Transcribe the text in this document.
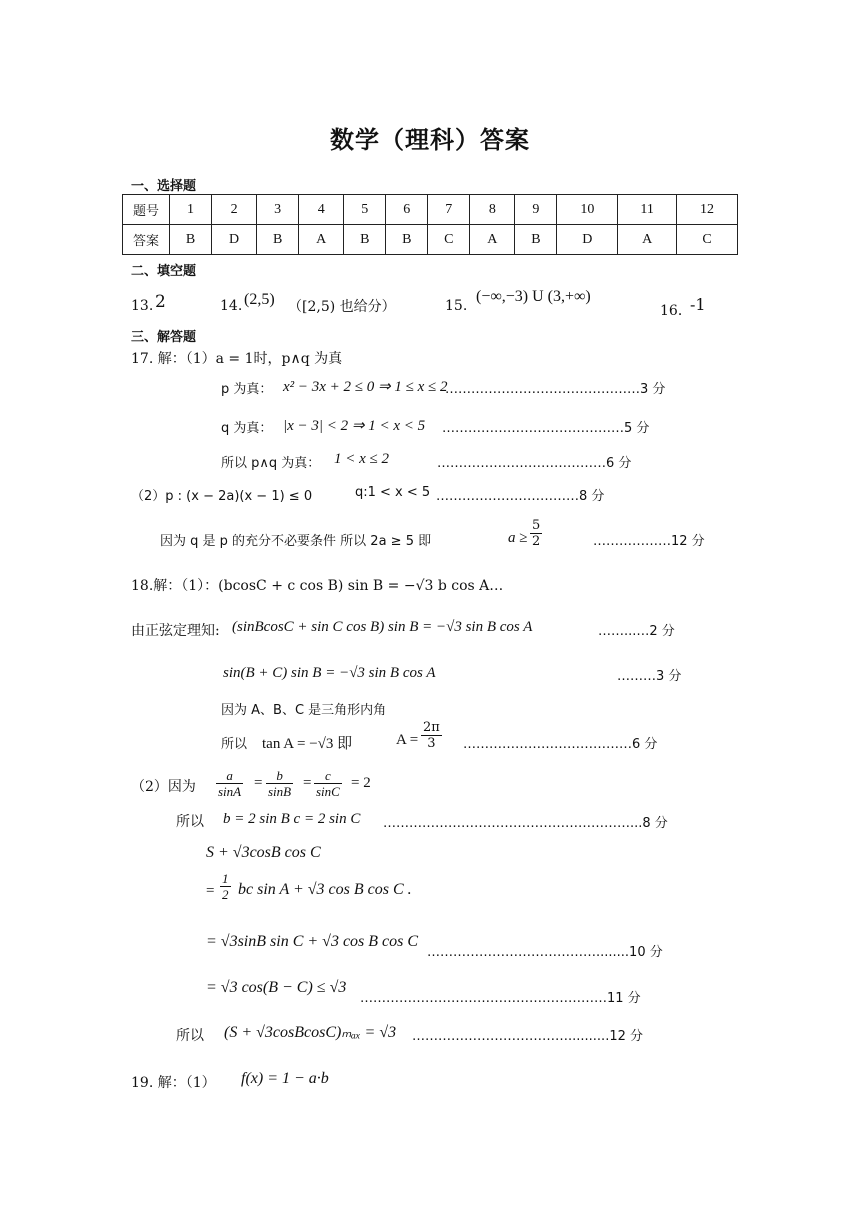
数学（理科）答案
一、选择题
题号	1	2	3	4	5	6	7	8	9	10	11	12
答案	B	D	B	A	B	B	C	A	B	D	A	C
二、填空题
13. 2	14. (2,5) （[2,5) 也给分）	15.
(−∞,−3) U (3,+∞)
16．
-1
三、解答题
17. 解：（1）a = 1时，p∧q 为真
p 为真： x² − 3x + 2 ≤ 0 ⇒ 1 ≤ x ≤ 2
………………………………………3 分
q 为真： |x − 3| < 2 ⇒ 1 < x < 5 ……………………………………5 分
所以 p∧q 为真： 1 < x ≤ 2	…………………………………6 分
（2）p : (x − 2a)(x − 1) ≤ 0	q:1 < x < 5 ……………………………8 分
因为 q 是 p 的充分不必要条件 所以 2a ≥ 5 即	$a \ge \frac{5}{2}$	………………12 分
18.解：（1）：(bcosC + c cos B) sin B = −√3 b cos A…
由正弦定理知: (sinBcosC + sin C cos B) sin B = −√3 sin B cos A	……...…2 分
sin(B + C) sin B = −√3 sin B cos A	………3 分
因为 A、B、C 是三角形内角
所以 tan A = −√3 即	$A = \frac{2\pi}{3}$ …………………………………6 分
（2）因为 $\frac{a}{\sin A} = \frac{b}{\sin B} = \frac{c}{\sin C} = 2$
所以 b = 2 sin B c = 2 sin C …………………………………………………...8 分
S + √3cosB cos C
= $\frac{1}{2}$ bc sin A + √3 cos B cos C .
= √3sinB sin C + √3 cos B cos C
…………………………………........10 分
= √3 cos(B − C) ≤ √3
…………………………………………………11 分
所以 (S + √3cosBcosC)ₘₐₓ = √3 ………………………………..........12 分
19. 解：（1） f(x) = 1 − a·b
